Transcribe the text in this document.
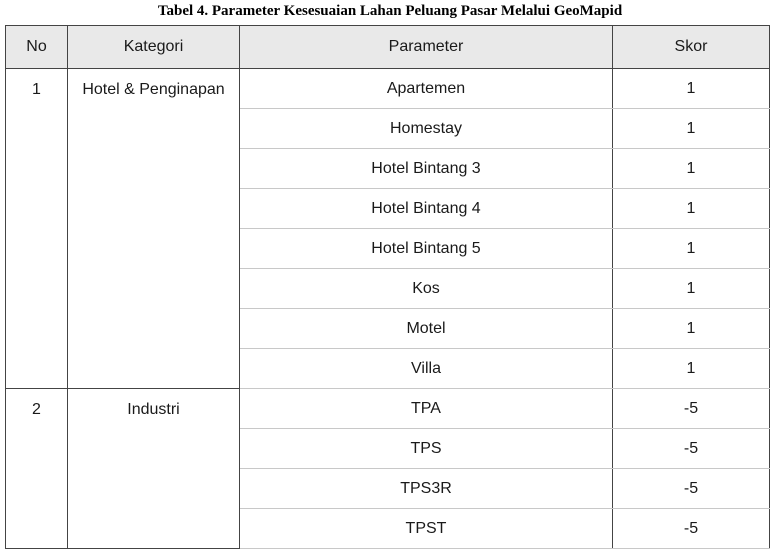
Tabel 4. Parameter Kesesuaian Lahan Peluang Pasar Melalui GeoMapid
No	Kategori	Parameter	Skor
1	Hotel & Penginapan	Apartemen	1
		Homestay	1
		Hotel Bintang 3	1
		Hotel Bintang 4	1
		Hotel Bintang 5	1
		Kos	1
		Motel	1
		Villa	1
2	Industri	TPA	-5
		TPS	-5
		TPS3R	-5
		TPST	-5
